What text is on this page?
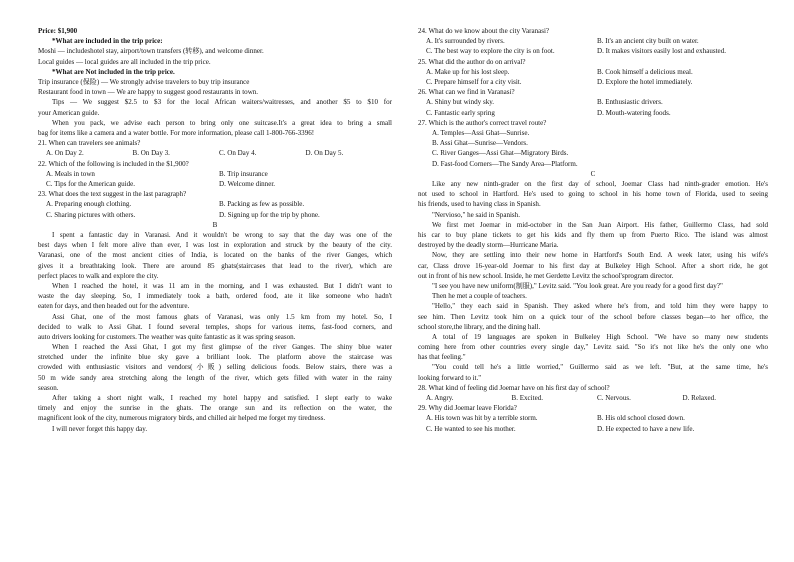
Price: $1,900
*What are included in the trip price:
Moshi — includeshotel stay, airport/town transfers (转移), and welcome dinner.
Local guides — local guides are all included in the trip price.
*What are Not included in the trip price.
Trip insurance (保险) — We strongly advise travelers to buy trip insurance
Restaurant food in town — We are happy to suggest good restaurants in town.
Tips — We suggest $2.5 to $3 for the local African waiters/waitresses, and another $5 to $10 for
your American guide.
When you pack, we advise each person to bring only one suitcase.It's a great idea to bring a small
bag for items like a camera and a water bottle. For more information, please call 1-800-766-3396!
21. When can travelers see animals?
A. On Day 2.	B. On Day 3.	C. On Day 4.	D. On Day 5.
22. Which of the following is included in the $1,900?
A. Meals in town	B. Trip insurance
C. Tips for the American guide.	D. Welcome dinner.
23. What does the text suggest in the last paragraph?
A. Preparing enough clothing.	B. Packing as few as possible.
C. Sharing pictures with others.	D. Signing up for the trip by phone.
B
I spent a fantastic day in Varanasi. And it wouldn't be wrong to say that the day was one of the
best days when I felt more alive than ever, I was lost in exploration and struck by the beauty of the city.
Varanasi, one of the most ancient cities of India, is located on the banks of the river Ganges, which
gives it a breathtaking look. There are around 85 ghats(staircases that lead to the river), which are
perfect places to walk and explore the city.
When I reached the hotel, it was 11 am in the morning, and I was exhausted. But I didn't want to
waste the day sleeping. So, I immediately took a bath, ordered food, ate it like someone who hadn't
eaten for days, and then headed out for the adventure.
Assi Ghat, one of the most famous ghats of Varanasi, was only 1.5 km from my hotel. So, I
decided to walk to Assi Ghat. I found several temples, shops for various items, fast-food corners, and
auto drivers looking for customers. The weather was quite fantastic as it was spring season.
When I reached the Assi Ghat, I got my first glimpse of the river Ganges. The shiny blue water
stretched under the infinite blue sky gave a brilliant look. The platform above the staircase was
crowded with enthusiastic visitors and vendors(小贩) selling delicious foods. Below stairs, there was a
50 m wide sandy area stretching along the length of the river, which gets filled with water in the rainy
season.
After taking a short night walk, I reached my hotel happy and satisfied. I slept early to wake
timely and enjoy the sunrise in the ghats. The orange sun and its reflection on the water, the
magnificent look of the city, numerous migratory birds, and chilled air helped me forget my tiredness.
I will never forget this happy day.
24. What do we know about the city Varanasi?
A. It's surrounded by rivers.	B. It's an ancient city built on water.
C. The best way to explore the city is on foot.	D. It makes visitors easily lost and exhausted.
25. What did the author do on arrival?
A. Make up for his lost sleep.	B. Cook himself a delicious meal.
C. Prepare himself for a city visit.	D. Explore the hotel immediately.
26. What can we find in Varanasi?
A. Shiny but windy sky.	B. Enthusiastic drivers.
C. Fantastic early spring	D. Mouth-watering foods.
27. Which is the author's correct travel route?
A. Temples—Assi Ghat—Sunrise.
B. Assi Ghat—Sunrise—Vendors.
C. River Ganges—Assi Ghat—Migratory Birds.
D. Fast-food Corners—The Sandy Area—Platform.
C
Like any new ninth-grader on the first day of school, Joemar Class had ninth-grader emotion. He's
not used to school in Hartford. He's used to going to school in his home town of Florida, used to seeing
his friends, used to having class in Spanish.
"Nervioso," he said in Spanish.
We first met Joemar in mid-october in the San Juan Airport. His father, Guillermo Class, had sold
his car to buy plane tickets to get his kids and fly them up from Puerto Rico. The island was almost
destroyed by the deadly storm—Hurricane Maria.
Now, they are settling into their new home in Hartford's South End. A week later, using his wife's
car, Class drove 16-year-old Joemar to his first day at Bulkeley High School. After a short ride, he got
out in front of his new school. Inside, he met Gerdette Levitz the school'sprogram director.
"I see you have new uniform(制服)," Levitz said. "You look great. Are you ready for a good first day?"
Then he met a couple of teachers.
"Hello," they each said in Spanish. They asked where he's from, and told him they were happy to
see him. Then Levitz took him on a quick tour of the school before classes began—to her office, the
school store,the library, and the dining hall.
A total of 19 languages are spoken in Bulkeley High School. "We have so many new students
coming here from other countries every single day," Levitz said. "So it's not like he's the only one who
has that feeling."
"You could tell he's a little worried," Guillermo said as we left. "But, at the same time, he's
looking forward to it."
28. What kind of feeling did Joemar have on his first day of school?
A. Angry.	B. Excited.	C. Nervous.	D. Relaxed.
29. Why did Joemar leave Florida?
A. His town was hit by a terrible storm.	B. His old school closed down.
C. He wanted to see his mother.	D. He expected to have a new life.
